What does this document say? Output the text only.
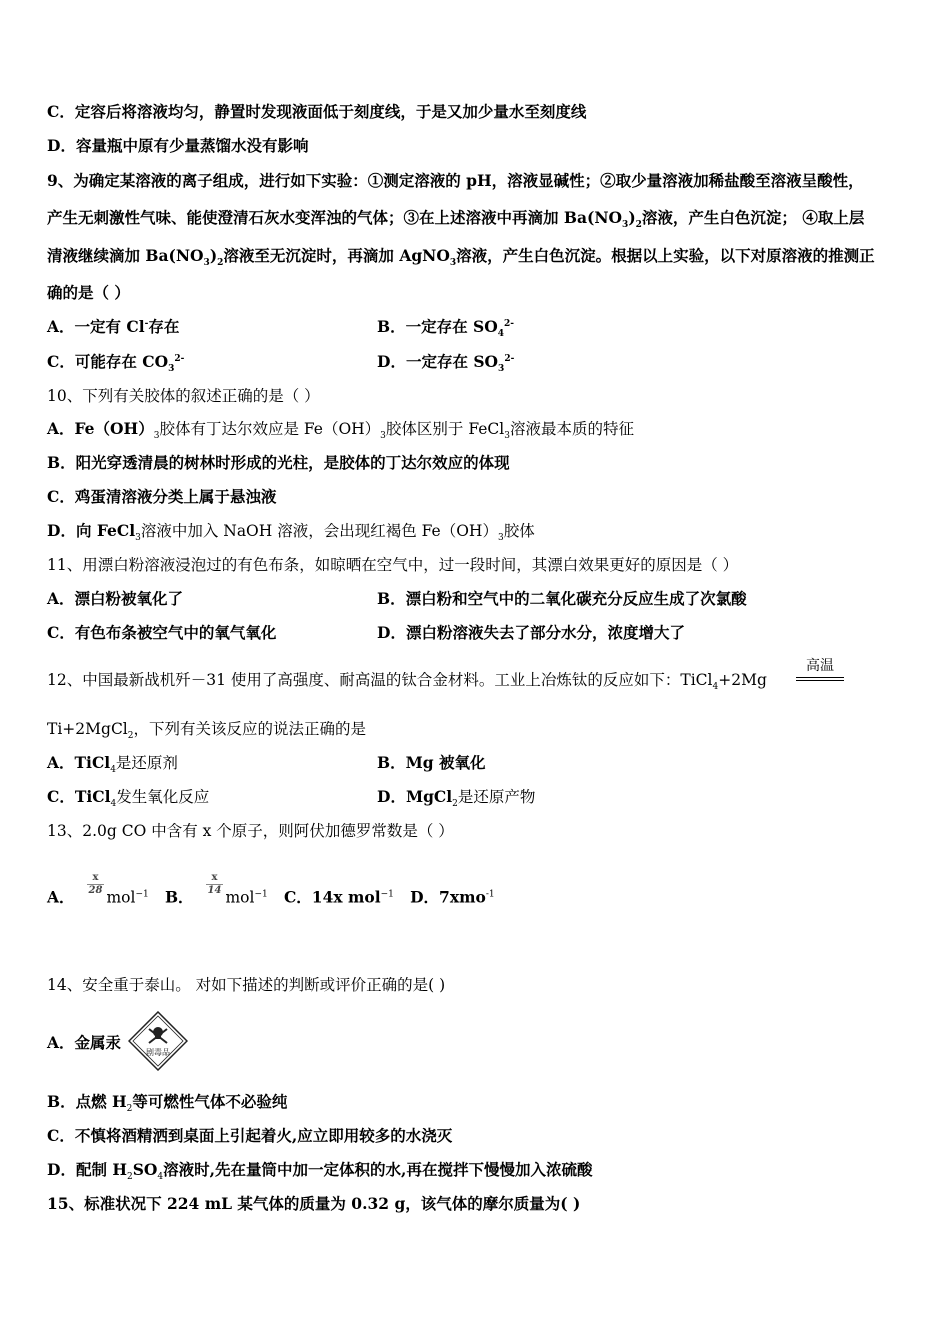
C．定容后将溶液均匀，静置时发现液面低于刻度线，于是又加少量水至刻度线
D．容量瓶中原有少量蒸馏水没有影响
9、为确定某溶液的离子组成，进行如下实验：①测定溶液的 pH，溶液显碱性；②取少量溶液加稀盐酸至溶液呈酸性，
产生无刺激性气味、能使澄清石灰水变浑浊的气体；③在上述溶液中再滴加 $Ba(NO_3)_2$溶液，产生白色沉淀； ④取上层
清液继续滴加 $Ba(NO_3)_2$溶液至无沉淀时，再滴加 AgNO$_3$溶液，产生白色沉淀。根据以上实验，以下对原溶液的推测正
确的是（ ）
A．一定有 Cl-存在	B．一定存在 $SO_4^{2-}$
C．可能存在 $CO_3^{2-}$	D．一定存在 $SO_3^{2-}$
10、下列有关胶体的叙述正确的是（ ）
A．$Fe(OH)_3$胶体有丁达尔效应是 $Fe(OH)_3$胶体区别于 FeCl$_3$溶液最本质的特征
B．阳光穿透清晨的树林时形成的光柱，是胶体的丁达尔效应的体现
C．鸡蛋清溶液分类上属于悬浊液
D．向 FeCl$_3$溶液中加入 NaOH 溶液，会出现红褐色 $Fe(OH)_3$胶体
11、用漂白粉溶液浸泡过的有色布条，如晾晒在空气中，过一段时间，其漂白效果更好的原因是（ ）
A．漂白粉被氧化了	B．漂白粉和空气中的二氧化碳充分反应生成了次氯酸
C．有色布条被空气中的氧气氧化	D．漂白粉溶液失去了部分水分，浓度增大了
12、中国最新战机歼－31 使用了高强度、耐高温的钛合金材料。工业上冶炼钛的反应如下：TiCl$_4$+2Mg
高温
Ti+2MgCl$_2$，下列有关该反应的说法正确的是
A．TiCl$_4$是还原剂	B．Mg 被氧化
C．TiCl$_4$发生氧化反应	D．MgCl$_2$是还原产物
13、2.0g CO 中含有 x 个原子，则阿伏加德罗常数是（ ）
A． $\frac{x}{28}$
mol$^{-1}$ B． $\frac{x}{14}$
mol$^{-1}$ C．14x mol$^{-1}$ D．7xmo$^{-1}$
14、安全重于泰山。 对如下描述的判断或评价正确的是( )
A．金属汞
剧毒品
B．点燃 $H_2$等可燃性气体不必验纯
C．不慎将酒精洒到桌面上引起着火,应立即用较多的水浇灭
D．配制 $H_2SO_4$溶液时,先在量筒中加一定体积的水,再在搅拌下慢慢加入浓硫酸
15、标准状况下 224 mL 某气体的质量为 0.32 g，该气体的摩尔质量为( )
